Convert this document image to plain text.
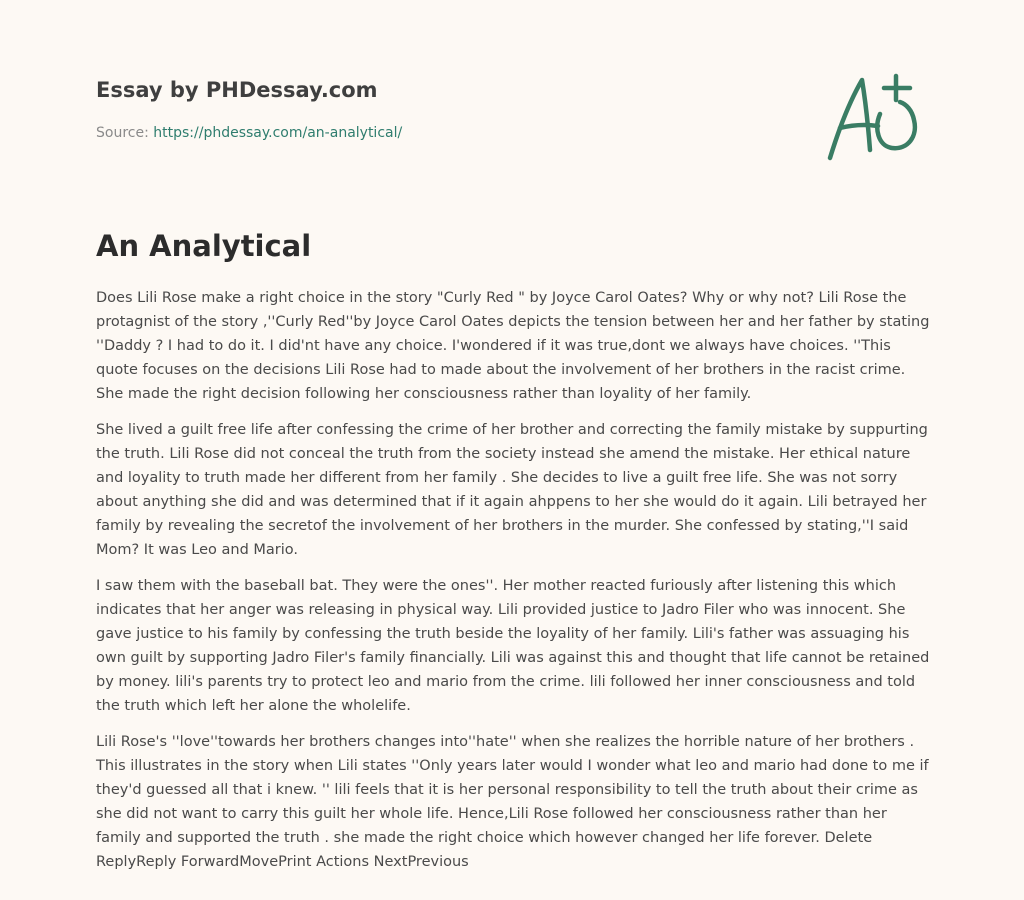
Essay by PHDessay.com
Source: https://phdessay.com/an-analytical/
An Analytical

Does Lili Rose make a right choice in the story "Curly Red " by Joyce Carol Oates? Why or why not? Lili Rose the protagnist of the story ,''Curly Red''by Joyce Carol Oates depicts the tension between her and her father by stating ''Daddy ? I had to do it. I did'nt have any choice. I'wondered if it was true,dont we always have choices. ''This quote focuses on the decisions Lili Rose had to made about the involvement of her brothers in the racist crime. She made the right decision following her consciousness rather than loyality of her family.

She lived a guilt free life after confessing the crime of her brother and correcting the family mistake by suppurting the truth. Lili Rose did not conceal the truth from the society instead she amend the mistake. Her ethical nature and loyality to truth made her different from her family . She decides to live a guilt free life. She was not sorry about anything she did and was determined that if it again ahppens to her she would do it again. Lili betrayed her family by revealing the secretof the involvement of her brothers in the murder. She confessed by stating,''I said Mom? It was Leo and Mario.

I saw them with the baseball bat. They were the ones''. Her mother reacted furiously after listening this which indicates that her anger was releasing in physical way. Lili provided justice to Jadro Filer who was innocent. She gave justice to his family by confessing the truth beside the loyality of her family. Lili's father was assuaging his own guilt by supporting Jadro Filer's family financially. Lili was against this and thought that life cannot be retained by money. lili's parents try to protect leo and mario from the crime. lili followed her inner consciousness and told the truth which left her alone the wholelife.

Lili Rose's ''love''towards her brothers changes into''hate'' when she realizes the horrible nature of her brothers . This illustrates in the story when Lili states ''Only years later would I wonder what leo and mario had done to me if they'd guessed all that i knew. '' lili feels that it is her personal responsibility to tell the truth about their crime as she did not want to carry this guilt her whole life. Hence,Lili Rose followed her consciousness rather than her family and supported the truth . she made the right choice which however changed her life forever. Delete ReplyReply ForwardMovePrint Actions NextPrevious
